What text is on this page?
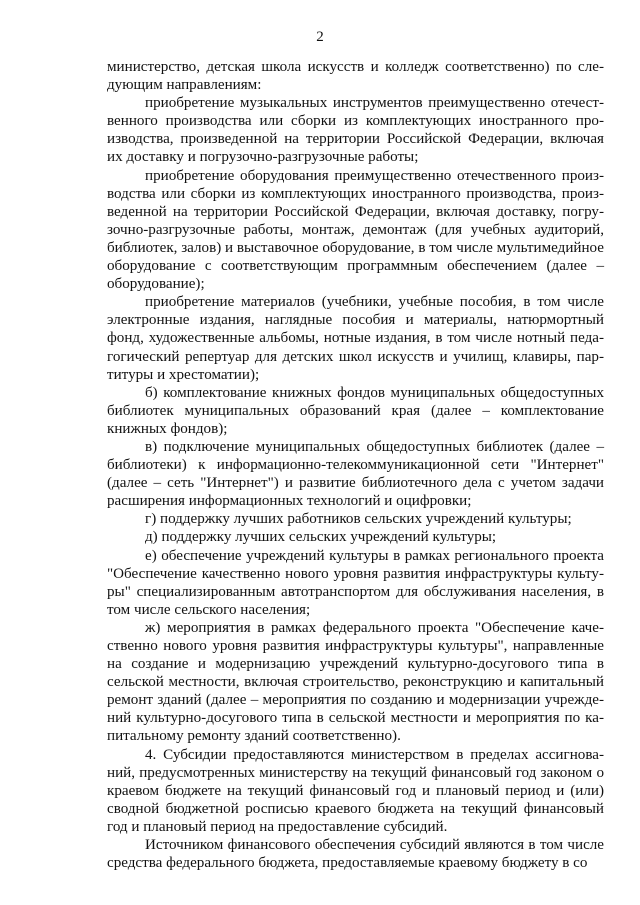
2

министерство, детская школа искусств и колледж соответственно) по следующим направлениям:

приобретение музыкальных инструментов преимущественно отечественного производства или сборки из комплектующих иностранного производства, произведенной на территории Российской Федерации, включая их доставку и погрузочно-разгрузочные работы;

приобретение оборудования преимущественно отечественного производства или сборки из комплектующих иностранного производства, произведенной на территории Российской Федерации, включая доставку, погрузочно-разгрузочные работы, монтаж, демонтаж (для учебных аудиторий, библиотек, залов) и выставочное оборудование, в том числе мультимедийное оборудование с соответствующим программным обеспечением (далее – оборудование);

приобретение материалов (учебники, учебные пособия, в том числе электронные издания, наглядные пособия и материалы, натюрмортный фонд, художественные альбомы, нотные издания, в том числе нотный педагогический репертуар для детских школ искусств и училищ, клавиры, партитуры и хрестоматии);

б) комплектование книжных фондов муниципальных общедоступных библиотек муниципальных образований края (далее – комплектование книжных фондов);

в) подключение муниципальных общедоступных библиотек (далее – библиотеки) к информационно-телекоммуникационной сети "Интернет" (далее – сеть "Интернет") и развитие библиотечного дела с учетом задачи расширения информационных технологий и оцифровки;

г) поддержку лучших работников сельских учреждений культуры;

д) поддержку лучших сельских учреждений культуры;

е) обеспечение учреждений культуры в рамках регионального проекта "Обеспечение качественно нового уровня развития инфраструктуры культуры" специализированным автотранспортом для обслуживания населения, в том числе сельского населения;

ж) мероприятия в рамках федерального проекта "Обеспечение качественно нового уровня развития инфраструктуры культуры", направленные на создание и модернизацию учреждений культурно-досугового типа в сельской местности, включая строительство, реконструкцию и капитальный ремонт зданий (далее – мероприятия по созданию и модернизации учреждений культурно-досугового типа в сельской местности и мероприятия по капитальному ремонту зданий соответственно).

4. Субсидии предоставляются министерством в пределах ассигнований, предусмотренных министерству на текущий финансовый год законом о краевом бюджете на текущий финансовый год и плановый период и (или) сводной бюджетной росписью краевого бюджета на текущий финансовый год и плановый период на предоставление субсидий.

Источником финансового обеспечения субсидий являются в том числе средства федерального бюджета, предоставляемые краевому бюджету в со
